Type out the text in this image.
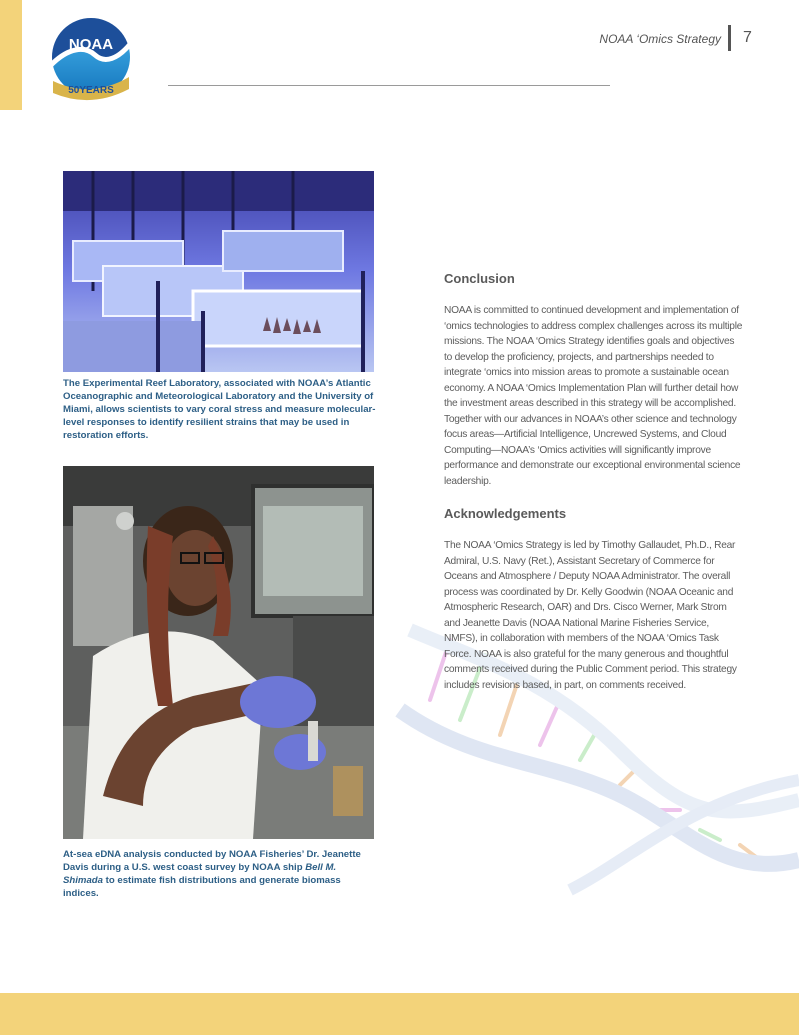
NOAA
50YEARS
NOAA ‘Omics Strategy 7
The Experimental Reef Laboratory, associated with NOAA’s Atlantic Oceanographic and Meteorological Laboratory and the University of Miami, allows scientists to vary coral stress and measure molecular-level responses to identify resilient strains that may be used in restoration efforts.
At-sea eDNA analysis conducted by NOAA Fisheries’ Dr. Jeanette Davis during a U.S. west coast survey by NOAA ship Bell M. Shimada to estimate fish distributions and generate biomass indices.
Conclusion

NOAA is committed to continued development and implementation of ‘omics technologies to address complex challenges across its multiple missions. The NOAA ‘Omics Strategy identifies goals and objectives to develop the proficiency, projects, and partnerships needed to integrate ‘omics into mission areas to promote a sustainable ocean economy. A NOAA ‘Omics Implementation Plan will further detail how the investment areas described in this strategy will be accomplished. Together with our advances in NOAA’s other science and technology focus areas—Artificial Intelligence, Uncrewed Systems, and Cloud Computing—NOAA’s ‘Omics activities will significantly improve performance and demonstrate our exceptional environmental science leadership.

Acknowledgements

The NOAA ‘Omics Strategy is led by Timothy Gallaudet, Ph.D., Rear Admiral, U.S. Navy (Ret.), Assistant Secretary of Commerce for Oceans and Atmosphere / Deputy NOAA Administrator. The overall process was coordinated by Dr. Kelly Goodwin (NOAA Oceanic and Atmospheric Research, OAR) and Drs. Cisco Werner, Mark Strom and Jeanette Davis (NOAA National Marine Fisheries Service, NMFS), in collaboration with members of the NOAA ‘Omics Task Force. NOAA is also grateful for the many generous and thoughtful comments received during the Public Comment period. This strategy includes revisions based, in part, on comments received.
